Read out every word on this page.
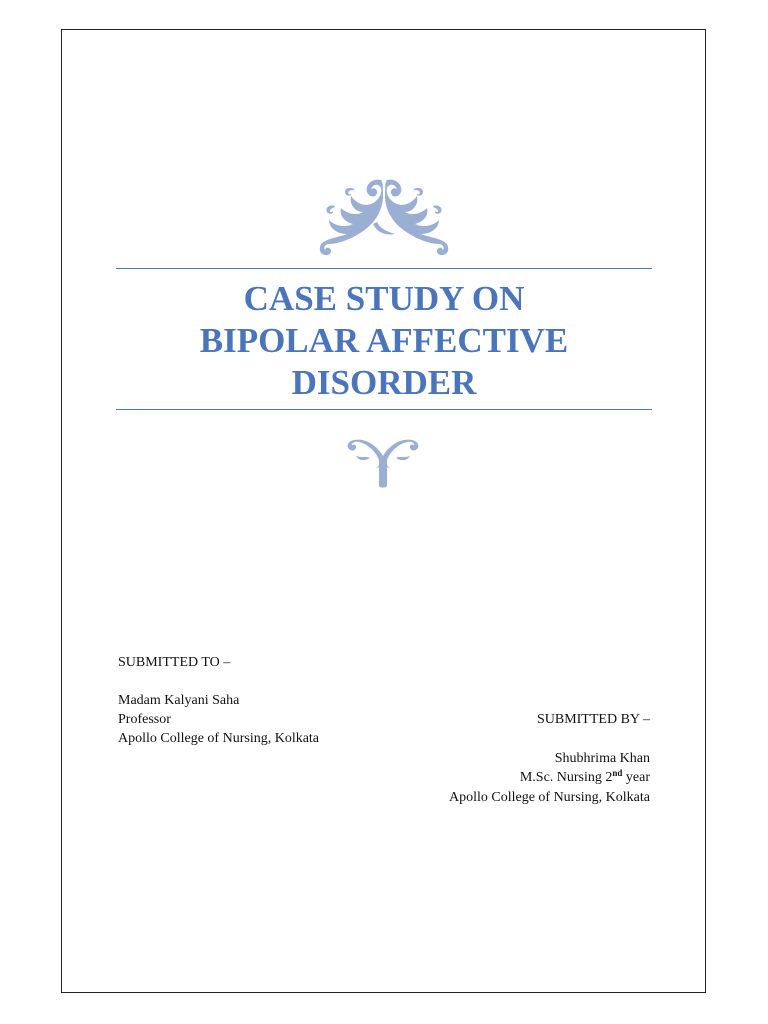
CASE STUDY ON
BIPOLAR AFFECTIVE
DISORDER
SUBMITTED TO –
Madam Kalyani Saha
Professor
Apollo College of Nursing, Kolkata
SUBMITTED BY –
Shubhrima Khan
M.Sc. Nursing 2nd year
Apollo College of Nursing, Kolkata
